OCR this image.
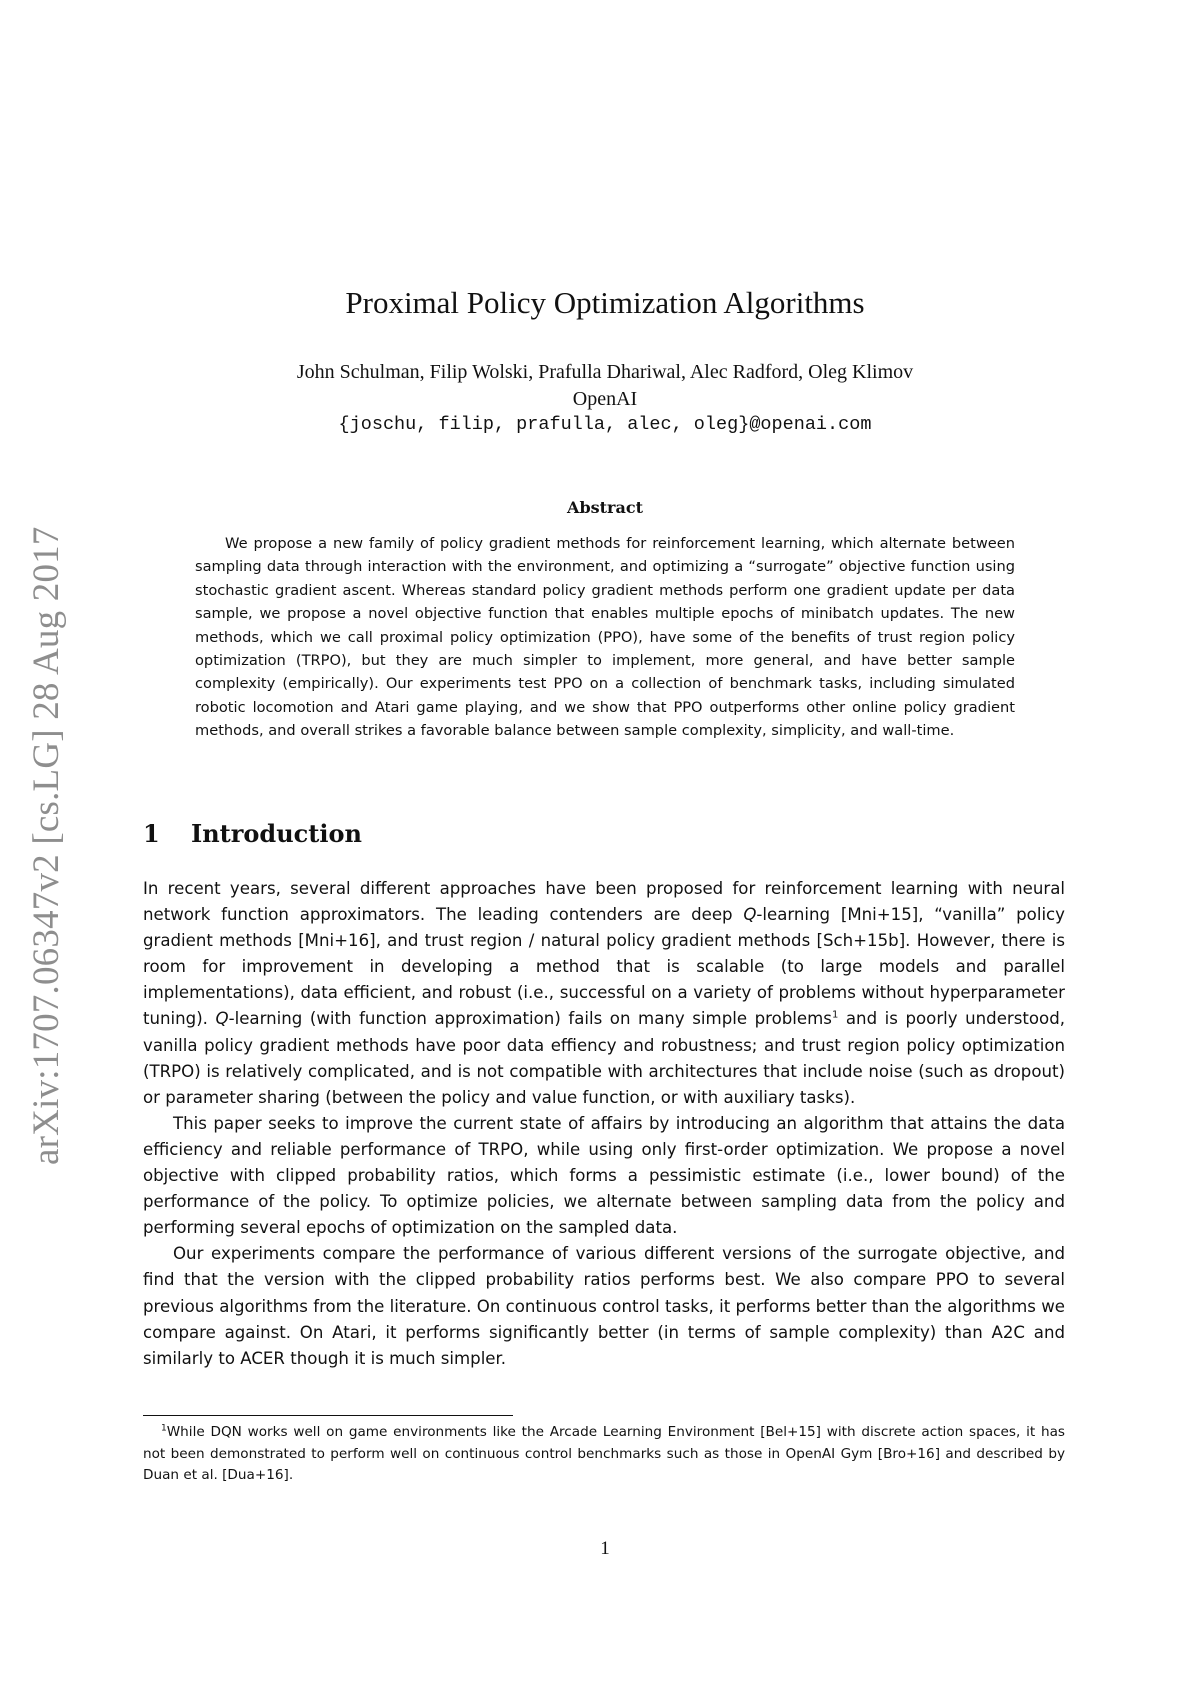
arXiv:1707.06347v2 [cs.LG] 28 Aug 2017
Proximal Policy Optimization Algorithms
John Schulman, Filip Wolski, Prafulla Dhariwal, Alec Radford, Oleg Klimov
OpenAI
{joschu, filip, prafulla, alec, oleg}@openai.com
Abstract

We propose a new family of policy gradient methods for reinforcement learning, which alternate between sampling data through interaction with the environment, and optimizing a “surrogate” objective function using stochastic gradient ascent. Whereas standard policy gradient methods perform one gradient update per data sample, we propose a novel objective function that enables multiple epochs of minibatch updates. The new methods, which we call proximal policy optimization (PPO), have some of the benefits of trust region policy optimization (TRPO), but they are much simpler to implement, more general, and have better sample complexity (empirically). Our experiments test PPO on a collection of benchmark tasks, including simulated robotic locomotion and Atari game playing, and we show that PPO outperforms other online policy gradient methods, and overall strikes a favorable balance between sample complexity, simplicity, and wall-time.

1 Introduction

In recent years, several different approaches have been proposed for reinforcement learning with neural network function approximators. The leading contenders are deep Q-learning [Mni+15], “vanilla” policy gradient methods [Mni+16], and trust region / natural policy gradient methods [Sch+15b]. However, there is room for improvement in developing a method that is scalable (to large models and parallel implementations), data efficient, and robust (i.e., successful on a variety of problems without hyperparameter tuning). Q-learning (with function approximation) fails on many simple problems$^1$ and is poorly understood, vanilla policy gradient methods have poor data effiency and robustness; and trust region policy optimization (TRPO) is relatively complicated, and is not compatible with architectures that include noise (such as dropout) or parameter sharing (between the policy and value function, or with auxiliary tasks).

This paper seeks to improve the current state of affairs by introducing an algorithm that attains the data efficiency and reliable performance of TRPO, while using only first-order optimization. We propose a novel objective with clipped probability ratios, which forms a pessimistic estimate (i.e., lower bound) of the performance of the policy. To optimize policies, we alternate between sampling data from the policy and performing several epochs of optimization on the sampled data.

Our experiments compare the performance of various different versions of the surrogate objective, and find that the version with the clipped probability ratios performs best. We also compare PPO to several previous algorithms from the literature. On continuous control tasks, it performs better than the algorithms we compare against. On Atari, it performs significantly better (in terms of sample complexity) than A2C and similarly to ACER though it is much simpler.

$^1$While DQN works well on game environments like the Arcade Learning Environment [Bel+15] with discrete action spaces, it has not been demonstrated to perform well on continuous control benchmarks such as those in OpenAI Gym [Bro+16] and described by Duan et al. [Dua+16].

1
